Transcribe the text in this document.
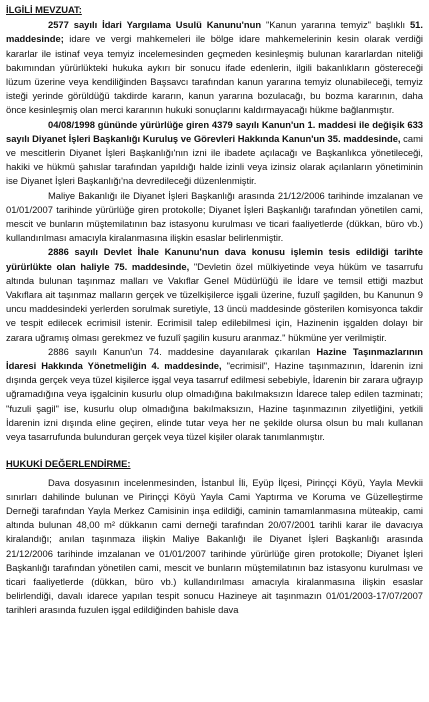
İLGİLİ MEVZUAT:

2577 sayılı İdari Yargılama Usulü Kanunu'nun "Kanun yararına temyiz" başlıklı 51. maddesinde; idare ve vergi mahkemeleri ile bölge idare mahkemelerinin kesin olarak verdiği kararlar ile istinaf veya temyiz incelemesinden geçmeden kesinleşmiş bulunan kararlardan niteliği bakımından yürürlükteki hukuka aykırı bir sonucu ifade edenlerin, ilgili bakanlıkların göstereceği lüzum üzerine veya kendiliğinden Başsavcı tarafından kanun yararına temyiz olunabileceği, temyiz isteği yerinde görüldüğü takdirde kararın, kanun yararına bozulacağı, bu bozma kararının, daha önce kesinleşmiş olan merci kararının hukuki sonuçlarını kaldırmayacağı hükme bağlanmıştır.

04/08/1998 gününde yürürlüğe giren 4379 sayılı Kanun'un 1. maddesi ile değişik 633 sayılı Diyanet İşleri Başkanlığı Kuruluş ve Görevleri Hakkında Kanun'un 35. maddesinde, cami ve mescitlerin Diyanet İşleri Başkanlığı'nın izni ile ibadete açılacağı ve Başkanlıkca yönetileceği, hakiki ve hükmü şahıslar tarafından yapıldığı halde izinli veya izinsiz olarak açılanların yönetiminin ise Diyanet İşleri Başkanlığı'na devredileceği düzenlenmiştir.

Maliye Bakanlığı ile Diyanet İşleri Başkanlığı arasında 21/12/2006 tarihinde imzalanan ve 01/01/2007 tarihinde yürürlüğe giren protokolle; Diyanet İşleri Başkanlığı tarafından yönetilen cami, mescit ve bunların müştemilatının baz istasyonu kurulması ve ticari faaliyetlerde (dükkan, büro vb.) kullandırılması amacıyla kiralanmasına ilişkin esaslar belirlenmiştir.

2886 sayılı Devlet İhale Kanunu'nun dava konusu işlemin tesis edildiği tarihte yürürlükte olan haliyle 75. maddesinde, "Devletin özel mülkiyetinde veya hüküm ve tasarrufu altında bulunan taşınmaz malları ve Vakıflar Genel Müdürlüğü ile İdare ve temsil ettiği mazbut Vakıflara ait taşınmaz malların gerçek ve tüzelkişilerce işgali üzerine, fuzulî şagilden, bu Kanunun 9 uncu maddesindeki yerlerden sorulmak suretiyle, 13 üncü maddesinde gösterilen komisyonca takdir ve tespit edilecek ecrimisil istenir. Ecrimisil talep edilebilmesi için, Hazinenin işgalden dolayı bir zarara uğramış olması gerekmez ve fuzulî şagilin kusuru aranmaz." hükmüne yer verilmiştir.

2886 sayılı Kanun'un 74. maddesine dayanılarak çıkarılan Hazine Taşınmazlarının İdaresi Hakkında Yönetmeliğin 4. maddesinde, "ecrimisil", Hazine taşınmazının, İdarenin izni dışında gerçek veya tüzel kişilerce işgal veya tasarruf edilmesi sebebiyle, İdarenin bir zarara uğrayıp uğramadığına veya işgalcinin kusurlu olup olmadığına bakılmaksızın İdarece talep edilen tazminatı; "fuzuli şagil" ise, kusurlu olup olmadığına bakılmaksızın, Hazine taşınmazının zilyetliğini, yetkili İdarenin izni dışında eline geçiren, elinde tutar veya her ne şekilde olursa olsun bu malı kullanan veya tasarrufunda bulunduran gerçek veya tüzel kişiler olarak tanımlanmıştır.

HUKUKİ DEĞERLENDİRME:

Dava dosyasının incelenmesinden, İstanbul İli, Eyüp İlçesi, Pirinççi Köyü, Yayla Mevkii sınırları dahilinde bulunan ve Pirinççi Köyü Yayla Cami Yaptırma ve Koruma ve Güzelleştirme Derneği tarafından Yayla Merkez Camisinin inşa edildiği, caminin tamamlanmasına müteakip, cami altında bulunan 48,00 m² dükkanın cami derneği tarafından 20/07/2001 tarihli karar ile davacıya kiralandığı; anılan taşınmaza ilişkin Maliye Bakanlığı ile Diyanet İşleri Başkanlığı arasında 21/12/2006 tarihinde imzalanan ve 01/01/2007 tarihinde yürürlüğe giren protokolle; Diyanet İşleri Başkanlığı tarafından yönetilen cami, mescit ve bunların müştemilatının baz istasyonu kurulması ve ticari faaliyetlerde (dükkan, büro vb.) kullandırılması amacıyla kiralanmasına ilişkin esaslar belirlendiği, davalı idarece yapılan tespit sonucu Hazineye ait taşınmazın 01/01/2003-17/07/2007 tarihleri arasında fuzulen işgal edildiğinden bahisle dava
